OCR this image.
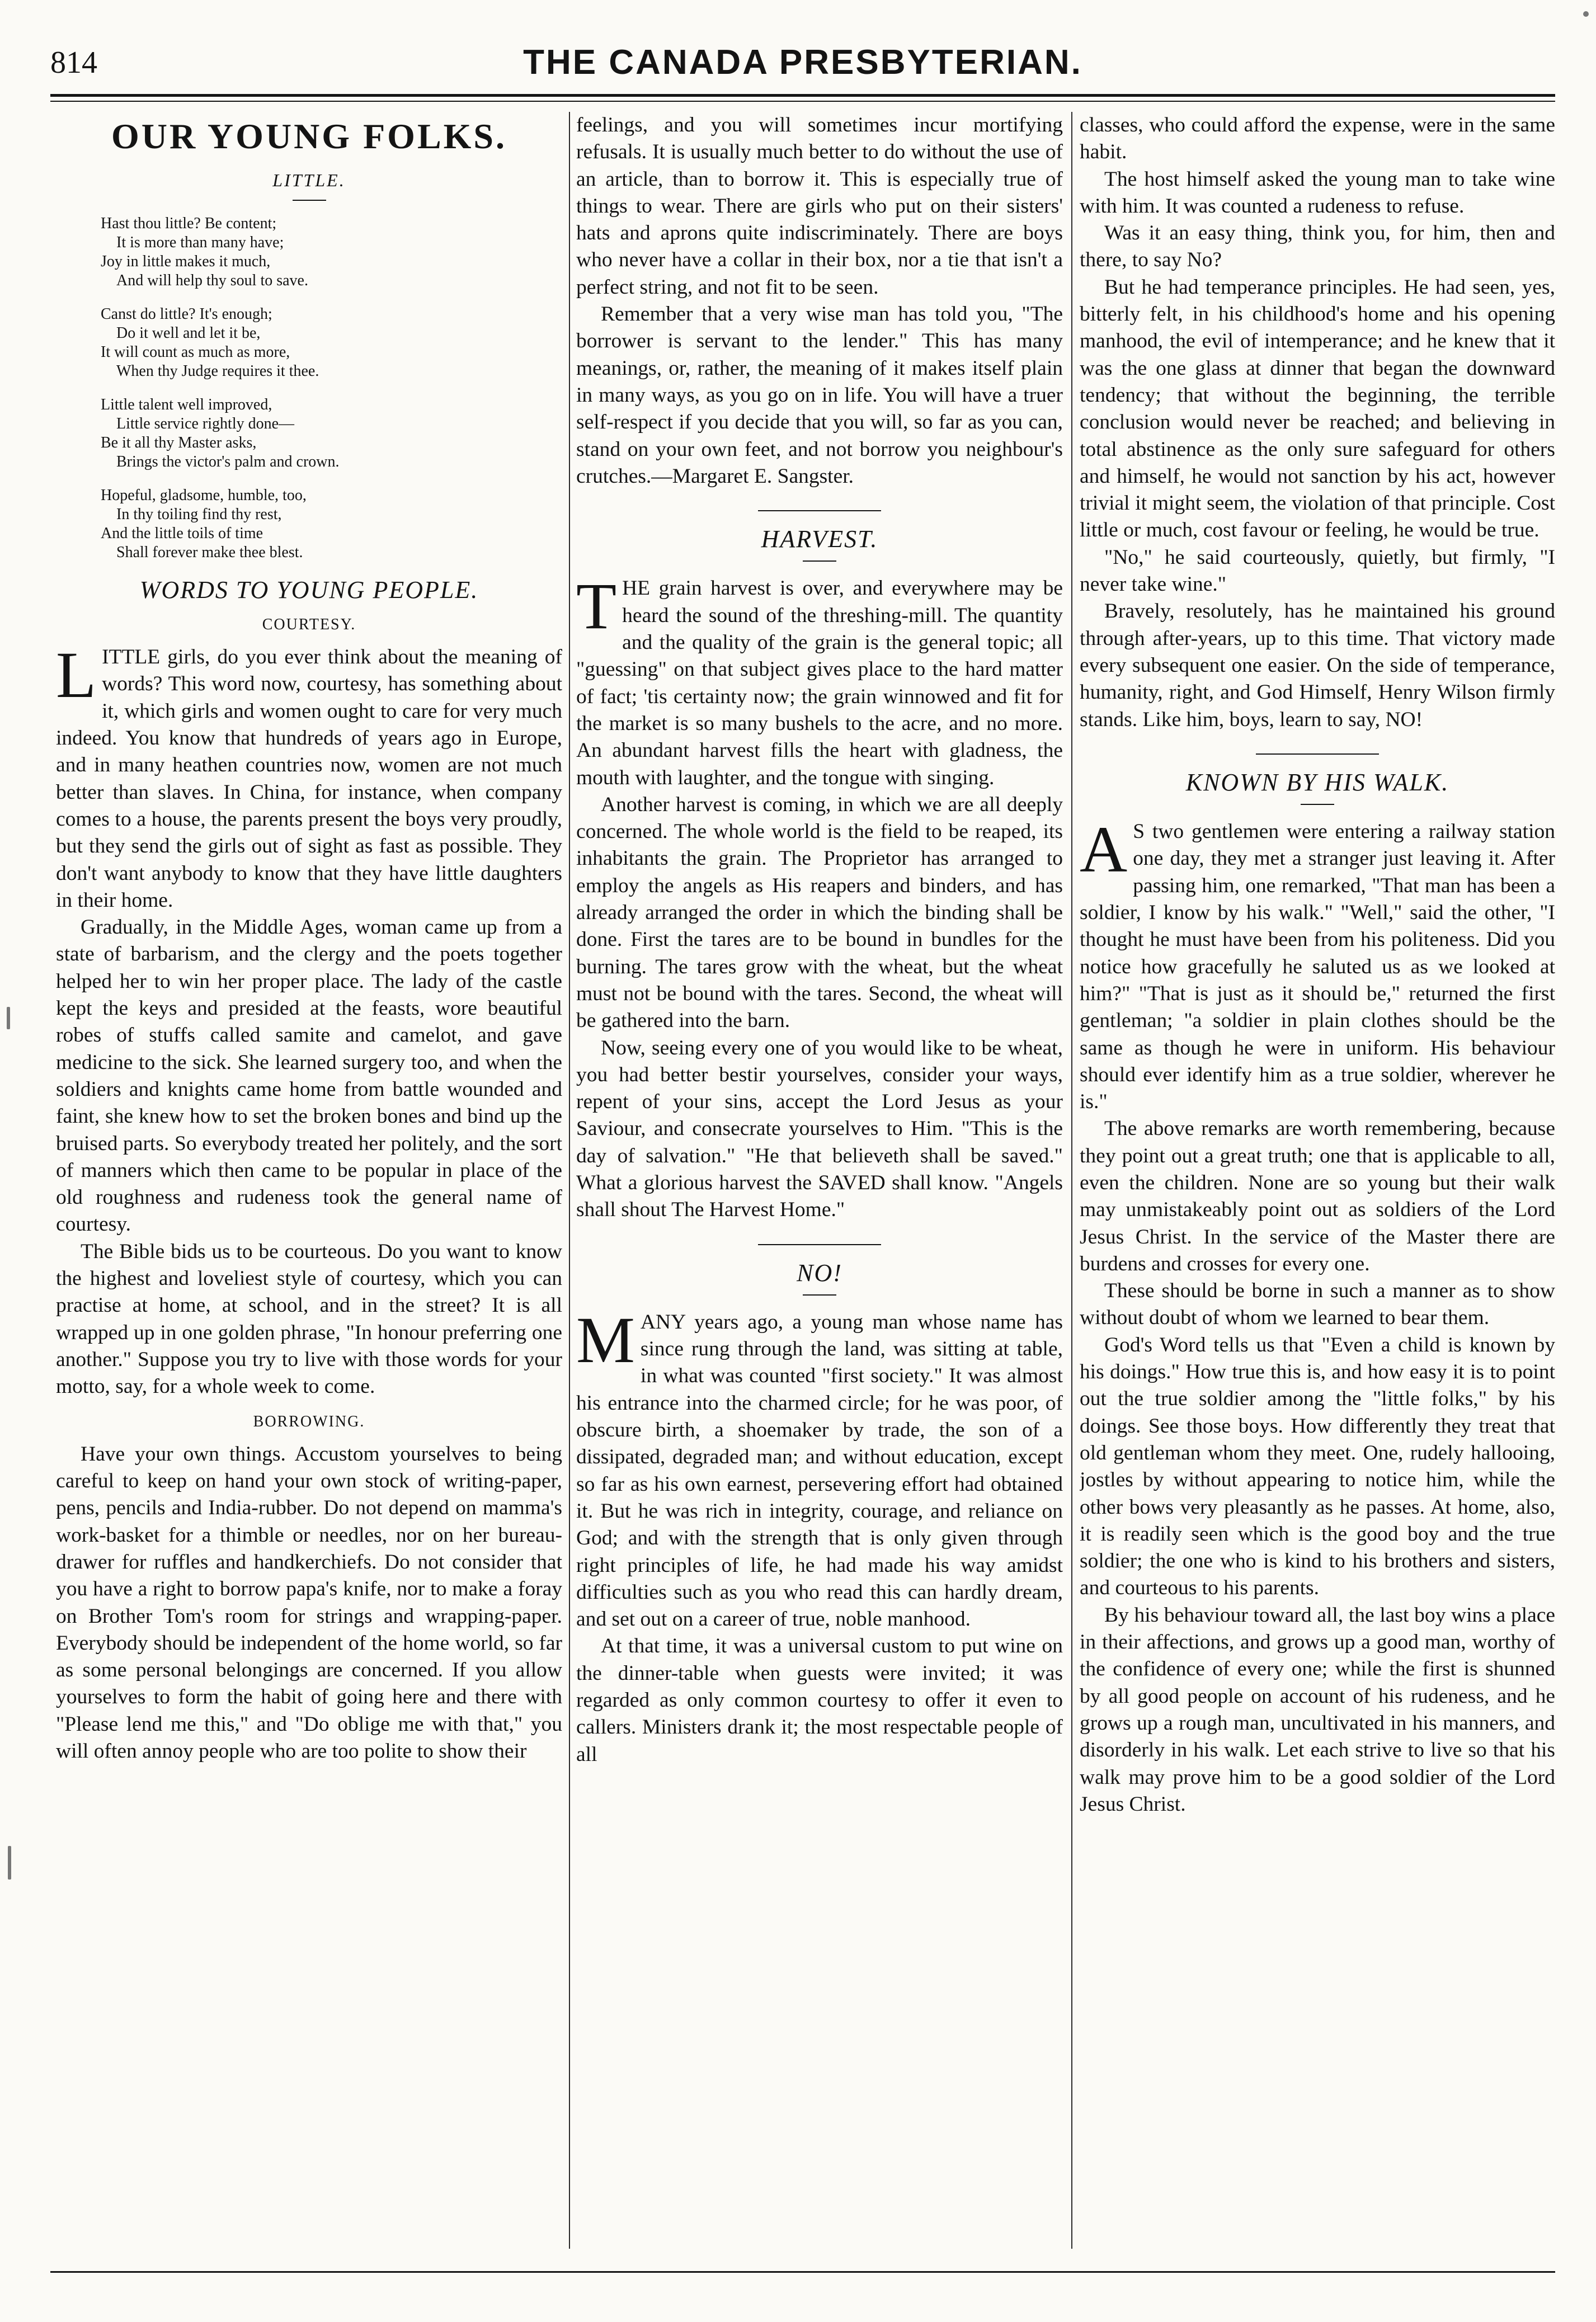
814	THE CANADA PRESBYTERIAN.
OUR YOUNG FOLKS.
LITTLE.
Hast thou little? Be content;
It is more than many have;
Joy in little makes it much,
And will help thy soul to save.
Canst do little? It's enough;
Do it well and let it be,
It will count as much as more,
When thy Judge requires it thee.
Little talent well improved,
Little service rightly done—
Be it all thy Master asks,
Brings the victor's palm and crown.
Hopeful, gladsome, humble, too,
In thy toiling find thy rest,
And the little toils of time
Shall forever make thee blest.
WORDS TO YOUNG PEOPLE.
COURTESY.

LITTLE girls, do you ever think about the meaning of words? This word now, courtesy, has something about it, which girls and women ought to care for very much indeed. You know that hundreds of years ago in Europe, and in many heathen countries now, women are not much better than slaves. In China, for instance, when company comes to a house, the parents present the boys very proudly, but they send the girls out of sight as fast as possible. They don't want anybody to know that they have little daughters in their home.

Gradually, in the Middle Ages, woman came up from a state of barbarism, and the clergy and the poets together helped her to win her proper place. The lady of the castle kept the keys and presided at the feasts, wore beautiful robes of stuffs called samite and camelot, and gave medicine to the sick. She learned surgery too, and when the soldiers and knights came home from battle wounded and faint, she knew how to set the broken bones and bind up the bruised parts. So everybody treated her politely, and the sort of manners which then came to be popular in place of the old roughness and rudeness took the general name of courtesy.

The Bible bids us to be courteous. Do you want to know the highest and loveliest style of courtesy, which you can practise at home, at school, and in the street? It is all wrapped up in one golden phrase, "In honour preferring one another." Suppose you try to live with those words for your motto, say, for a whole week to come.

BORROWING.

Have your own things. Accustom yourselves to being careful to keep on hand your own stock of writing-paper, pens, pencils and India-rubber. Do not depend on mamma's work-basket for a thimble or needles, nor on her bureau-drawer for ruffles and handkerchiefs. Do not consider that you have a right to borrow papa's knife, nor to make a foray on Brother Tom's room for strings and wrapping-paper. Everybody should be independent of the home world, so far as some personal belongings are concerned. If you allow yourselves to form the habit of going here and there with "Please lend me this," and "Do oblige me with that," you will often annoy people who are too polite to show their

feelings, and you will sometimes incur mortifying refusals. It is usually much better to do without the use of an article, than to borrow it. This is especially true of things to wear. There are girls who put on their sisters' hats and aprons quite indiscriminately. There are boys who never have a collar in their box, nor a tie that isn't a perfect string, and not fit to be seen.

Remember that a very wise man has told you, "The borrower is servant to the lender." This has many meanings, or, rather, the meaning of it makes itself plain in many ways, as you go on in life. You will have a truer self-respect if you decide that you will, so far as you can, stand on your own feet, and not borrow you neighbour's crutches.—Margaret E. Sangster.

HARVEST.

THE grain harvest is over, and everywhere may be heard the sound of the threshing-mill. The quantity and the quality of the grain is the general topic; all "guessing" on that subject gives place to the hard matter of fact; 'tis certainty now; the grain winnowed and fit for the market is so many bushels to the acre, and no more. An abundant harvest fills the heart with gladness, the mouth with laughter, and the tongue with singing.

Another harvest is coming, in which we are all deeply concerned. The whole world is the field to be reaped, its inhabitants the grain. The Proprietor has arranged to employ the angels as His reapers and binders, and has already arranged the order in which the binding shall be done. First the tares are to be bound in bundles for the burning. The tares grow with the wheat, but the wheat must not be bound with the tares. Second, the wheat will be gathered into the barn.

Now, seeing every one of you would like to be wheat, you had better bestir yourselves, consider your ways, repent of your sins, accept the Lord Jesus as your Saviour, and consecrate yourselves to Him. "This is the day of salvation." "He that believeth shall be saved." What a glorious harvest the SAVED shall know. "Angels shall shout The Harvest Home."

NO!

MANY years ago, a young man whose name has since rung through the land, was sitting at table, in what was counted "first society." It was almost his entrance into the charmed circle; for he was poor, of obscure birth, a shoemaker by trade, the son of a dissipated, degraded man; and without education, except so far as his own earnest, persevering effort had obtained it. But he was rich in integrity, courage, and reliance on God; and with the strength that is only given through right principles of life, he had made his way amidst difficulties such as you who read this can hardly dream, and set out on a career of true, noble manhood.

At that time, it was a universal custom to put wine on the dinner-table when guests were invited; it was regarded as only common courtesy to offer it even to callers. Ministers drank it; the most respectable people of all

classes, who could afford the expense, were in the same habit.

The host himself asked the young man to take wine with him. It was counted a rudeness to refuse.

Was it an easy thing, think you, for him, then and there, to say No?

But he had temperance principles. He had seen, yes, bitterly felt, in his childhood's home and his opening manhood, the evil of intemperance; and he knew that it was the one glass at dinner that began the downward tendency; that without the beginning, the terrible conclusion would never be reached; and believing in total abstinence as the only sure safeguard for others and himself, he would not sanction by his act, however trivial it might seem, the violation of that principle. Cost little or much, cost favour or feeling, he would be true.

"No," he said courteously, quietly, but firmly, "I never take wine."

Bravely, resolutely, has he maintained his ground through after-years, up to this time. That victory made every subsequent one easier. On the side of temperance, humanity, right, and God Himself, Henry Wilson firmly stands. Like him, boys, learn to say, NO!

KNOWN BY HIS WALK.

AS two gentlemen were entering a railway station one day, they met a stranger just leaving it. After passing him, one remarked, "That man has been a soldier, I know by his walk." "Well," said the other, "I thought he must have been from his politeness. Did you notice how gracefully he saluted us as we looked at him?" "That is just as it should be," returned the first gentleman; "a soldier in plain clothes should be the same as though he were in uniform. His behaviour should ever identify him as a true soldier, wherever he is."

The above remarks are worth remembering, because they point out a great truth; one that is applicable to all, even the children. None are so young but their walk may unmistakeably point out as soldiers of the Lord Jesus Christ. In the service of the Master there are burdens and crosses for every one.

These should be borne in such a manner as to show without doubt of whom we learned to bear them.

God's Word tells us that "Even a child is known by his doings." How true this is, and how easy it is to point out the true soldier among the "little folks," by his doings. See those boys. How differently they treat that old gentleman whom they meet. One, rudely hallooing, jostles by without appearing to notice him, while the other bows very pleasantly as he passes. At home, also, it is readily seen which is the good boy and the true soldier; the one who is kind to his brothers and sisters, and courteous to his parents.

By his behaviour toward all, the last boy wins a place in their affections, and grows up a good man, worthy of the confidence of every one; while the first is shunned by all good people on account of his rudeness, and he grows up a rough man, uncultivated in his manners, and disorderly in his walk. Let each strive to live so that his walk may prove him to be a good soldier of the Lord Jesus Christ.
